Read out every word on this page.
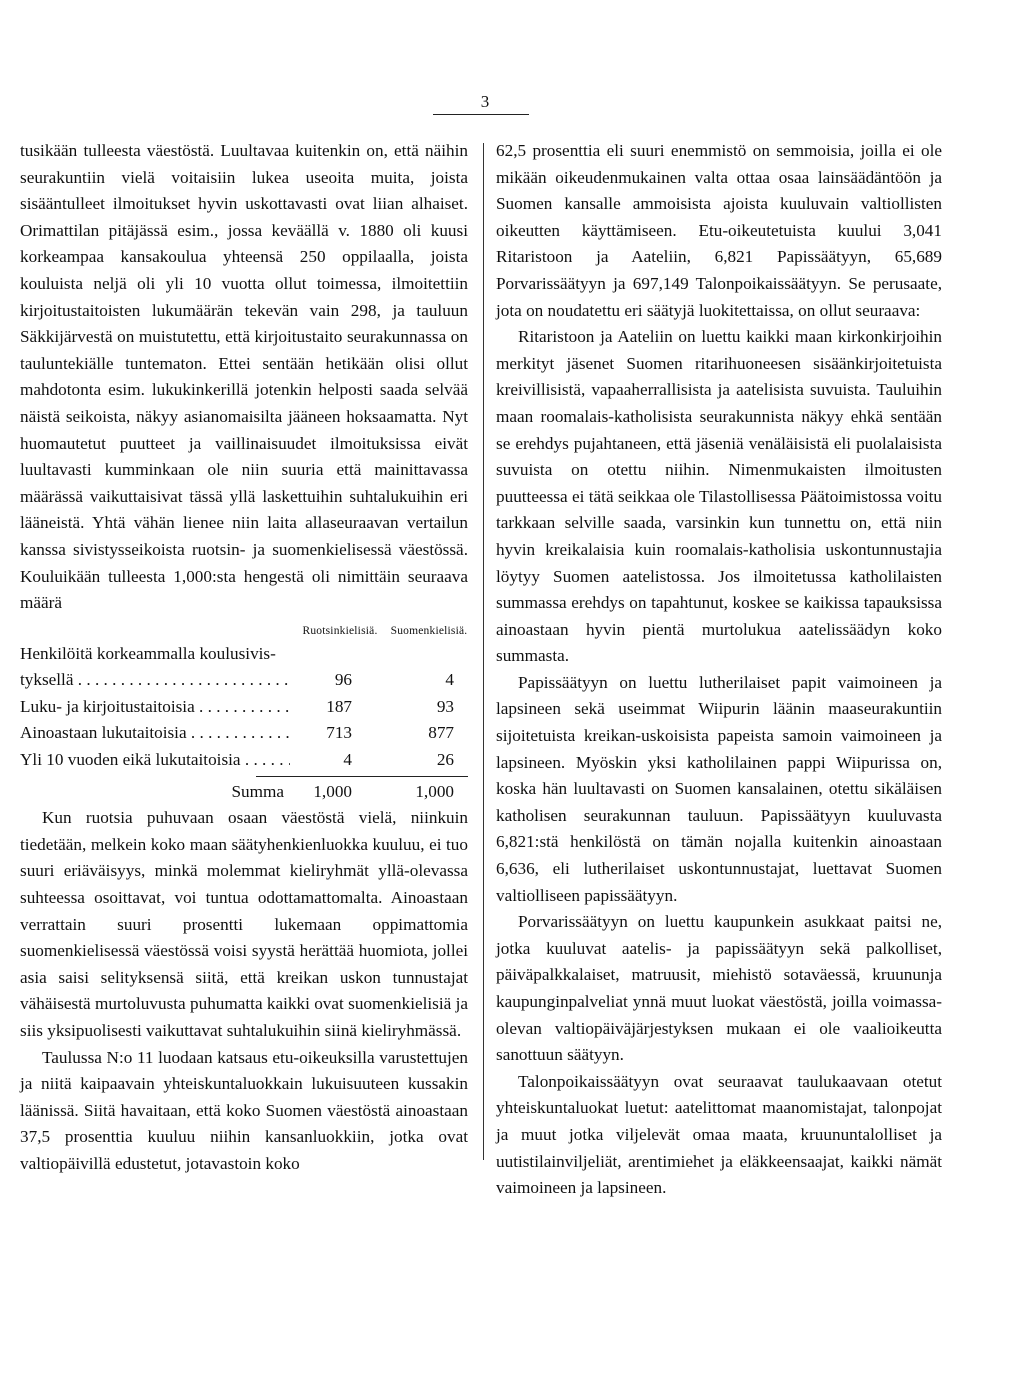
3

tusikään tulleesta väestöstä. Luultavaa kuitenkin on, että näihin seurakuntiin vielä voitaisiin lukea useoita muita, joista sisääntulleet ilmoitukset hyvin uskottavasti ovat liian alhaiset. Orimattilan pitäjässä esim., jossa keväällä v. 1880 oli kuusi korkeampaa kansakoulua yhteensä 250 oppilaalla, joista kouluista neljä oli yli 10 vuotta ollut toimessa, ilmoitettiin kirjoitustaitoisten lukumäärän tekevän vain 298, ja tauluun Säkkijärvestä on muistutettu, että kirjoitustaito seurakunnassa on tauluntekiälle tuntematon. Ettei sentään hetikään olisi ollut mahdotonta esim. lukukinkerillä jotenkin helposti saada selvää näistä seikoista, näkyy asianomaisilta jääneen hoksaamatta. Nyt huomautetut puutteet ja vaillinaisuudet ilmoituksissa eivät luultavasti kumminkaan ole niin suuria että mainittavassa määrässä vaikuttaisivat tässä yllä laskettuihin suhtalukuihin eri lääneistä. Yhtä vähän lienee niin laita allaseuraavan vertailun kanssa sivistysseikoista ruotsin- ja suomenkielisessä väestössä. Kouluikään tulleesta 1,000:sta hengestä oli nimittäin seuraava määrä

Ruotsinkielisiä.	Suomenkielisiä.
Henkilöitä korkeammalla koulusivis-
tyksellä . . .	96	4
Luku- ja kirjoitustaitoisia . . .	187	93
Ainoastaan lukutaitoisia . . .	713	877
Yli 10 vuoden eikä lukutaitoisia . . .	4	26
Summa	1,000	1,000

Kun ruotsia puhuvaan osaan väestöstä vielä, niinkuin tiedetään, melkein koko maan säätyhenkienluokka kuuluu, ei tuo suuri eriäväisyys, minkä molemmat kieliryhmät yllä-olevassa suhteessa osoittavat, voi tuntua odottamattomalta. Ainoastaan verrattain suuri prosentti lukemaan oppimattomia suomenkielisessä väestössä voisi syystä herättää huomiota, jollei asia saisi selityksensä siitä, että kreikan uskon tunnustajat vähäisestä murtoluvusta puhumatta kaikki ovat suomenkielisiä ja siis yksipuolisesti vaikuttavat suhtalukuihin siinä kieliryhmässä.

Taulussa N:o 11 luodaan katsaus etu-oikeuksilla varustettujen ja niitä kaipaavain yhteiskuntaluokkain lukuisuuteen kussakin läänissä. Siitä havaitaan, että koko Suomen väestöstä ainoastaan 37,5 prosenttia kuuluu niihin kansanluokkiin, jotka ovat valtiopäivillä edustetut, jotavastoin koko

62,5 prosenttia eli suuri enemmistö on semmoisia, joilla ei ole mikään oikeudenmukainen valta ottaa osaa lainsäädäntöön ja Suomen kansalle ammoisista ajoista kuuluvain valtiollisten oikeutten käyttämiseen. Etu-oikeutetuista kuului 3,041 Ritaristoon ja Aateliin, 6,821 Papissäätyyn, 65,689 Porvarissäätyyn ja 697,149 Talonpoikaissäätyyn. Se perusaate, jota on noudatettu eri säätyjä luokitettaissa, on ollut seuraava:

Ritaristoon ja Aateliin on luettu kaikki maan kirkonkirjoihin merkityt jäsenet Suomen ritarihuoneesen sisäänkirjoitetuista kreivillisistä, vapaaherrallisista ja aatelisista suvuista. Tauluihin maan roomalais-katholisista seurakunnista näkyy ehkä sentään se erehdys pujahtaneen, että jäseniä venäläisistä eli puolalaisista suvuista on otettu niihin. Nimenmukaisten ilmoitusten puutteessa ei tätä seikkaa ole Tilastollisessa Päätoimistossa voitu tarkkaan selville saada, varsinkin kun tunnettu on, että niin hyvin kreikalaisia kuin roomalais-katholisia uskontunnustajia löytyy Suomen aatelistossa. Jos ilmoitetussa katholilaisten summassa erehdys on tapahtunut, koskee se kaikissa tapauksissa ainoastaan hyvin pientä murtolukua aatelissäädyn koko summasta.

Papissäätyyn on luettu lutherilaiset papit vaimoineen ja lapsineen sekä useimmat Wiipurin läänin maaseurakuntiin sijoitetuista kreikan-uskoisista papeista samoin vaimoineen ja lapsineen. Myöskin yksi katholilainen pappi Wiipurissa on, koska hän luultavasti on Suomen kansalainen, otettu sikäläisen katholisen seurakunnan tauluun. Papissäätyyn kuuluvasta 6,821:stä henkilöstä on tämän nojalla kuitenkin ainoastaan 6,636, eli lutherilaiset uskontunnustajat, luettavat Suomen valtiolliseen papissäätyyn.

Porvarissäätyyn on luettu kaupunkein asukkaat paitsi ne, jotka kuuluvat aatelis- ja papissäätyyn sekä palkolliset, päiväpalkkalaiset, matruusit, miehistö sotaväessä, kruununja kaupunginpalveliat ynnä muut luokat väestöstä, joilla voimassa-olevan valtiopäiväjärjestyksen mukaan ei ole vaalioikeutta sanottuun säätyyn.

Talonpoikaissäätyyn ovat seuraavat taulukaavaan otetut yhteiskuntaluokat luetut: aatelittomat maanomistajat, talonpojat ja muut jotka viljelevät omaa maata, kruununtalolliset ja uutistilainviljeliät, arentimiehet ja eläkkeensaajat, kaikki nämät vaimoineen ja lapsineen.
